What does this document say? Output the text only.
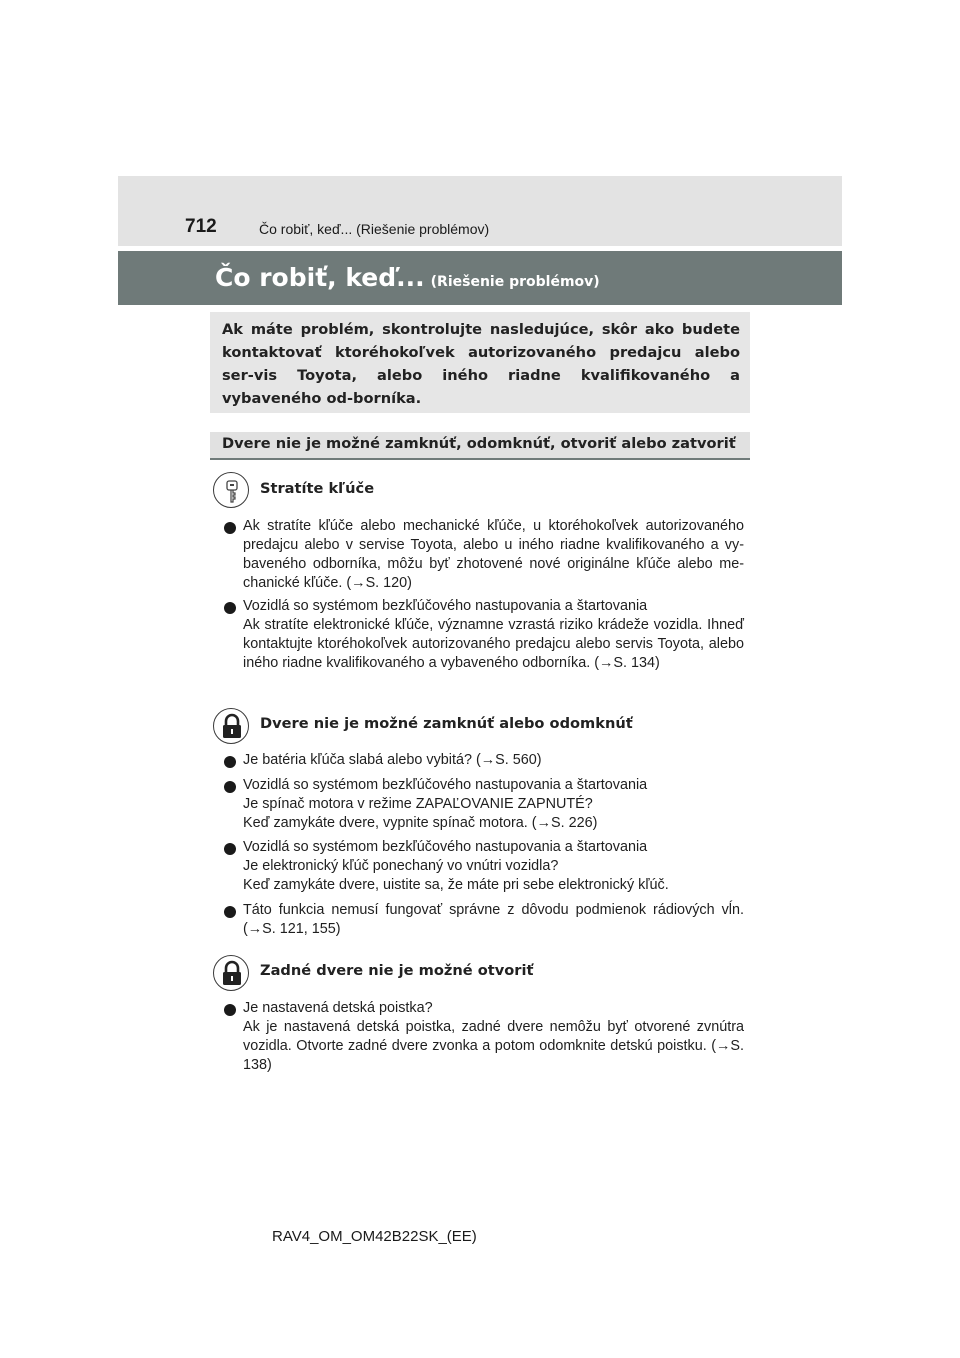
712	Čo robiť, keď... (Riešenie problémov)
Čo robiť, keď... (Riešenie problémov)

Ak máte problém, skontrolujte nasledujúce, skôr ako budete kontaktovať ktoréhokoľvek autorizovaného predajcu alebo ser-vis Toyota, alebo iného riadne kvalifikovaného a vybaveného od-borníka.

Dvere nie je možné zamknúť, odomknúť, otvoriť alebo zatvoriť
Stratíte kľúče

Ak stratíte kľúče alebo mechanické kľúče, u ktoréhokoľvek autorizovaného predajcu alebo v servise Toyota, alebo u iného riadne kvalifikovaného a vy-baveného odborníka, môžu byť zhotovené nové originálne kľúče alebo me-chanické kľúče. (→S. 120)

Vozidlá so systémom bezkľúčového nastupovania a štartovania
Ak stratíte elektronické kľúče, významne vzrastá riziko krádeže vozidla. Ihneď kontaktujte ktoréhokoľvek autorizovaného predajcu alebo servis Toyota, alebo iného riadne kvalifikovaného a vybaveného odborníka. (→S. 134)

Dvere nie je možné zamknúť alebo odomknúť

Je batéria kľúča slabá alebo vybitá? (→S. 560)

Vozidlá so systémom bezkľúčového nastupovania a štartovania
Je spínač motora v režime ZAPAĽOVANIE ZAPNUTÉ?
Keď zamykáte dvere, vypnite spínač motora. (→S. 226)

Vozidlá so systémom bezkľúčového nastupovania a štartovania
Je elektronický kľúč ponechaný vo vnútri vozidla?
Keď zamykáte dvere, uistite sa, že máte pri sebe elektronický kľúč.

Táto funkcia nemusí fungovať správne z dôvodu podmienok rádiových vĺn. (→S. 121, 155)

Zadné dvere nie je možné otvoriť

Je nastavená detská poistka?
Ak je nastavená detská poistka, zadné dvere nemôžu byť otvorené zvnútra vozidla. Otvorte zadné dvere zvonka a potom odomknite detskú poistku. (→S. 138)

RAV4_OM_OM42B22SK_(EE)
